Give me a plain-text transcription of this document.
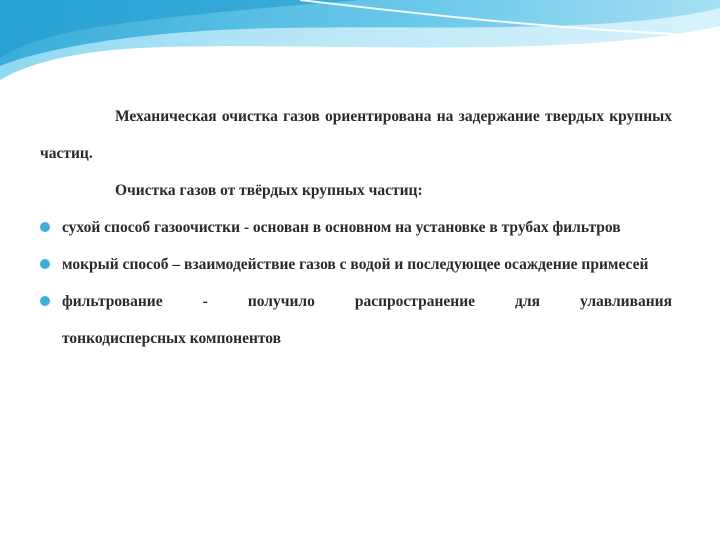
Механическая очистка газов ориентирована на задержание твердых крупных частиц.

Очистка газов от твёрдых крупных частиц:

сухой способ газоочистки - основан в основном на установке в трубах фильтров
мокрый способ – взаимодействие газов с водой и последующее осаждение примесей
фильтрование	-	получило	распространение	для	улавливания
тонкодисперсных компонентов
